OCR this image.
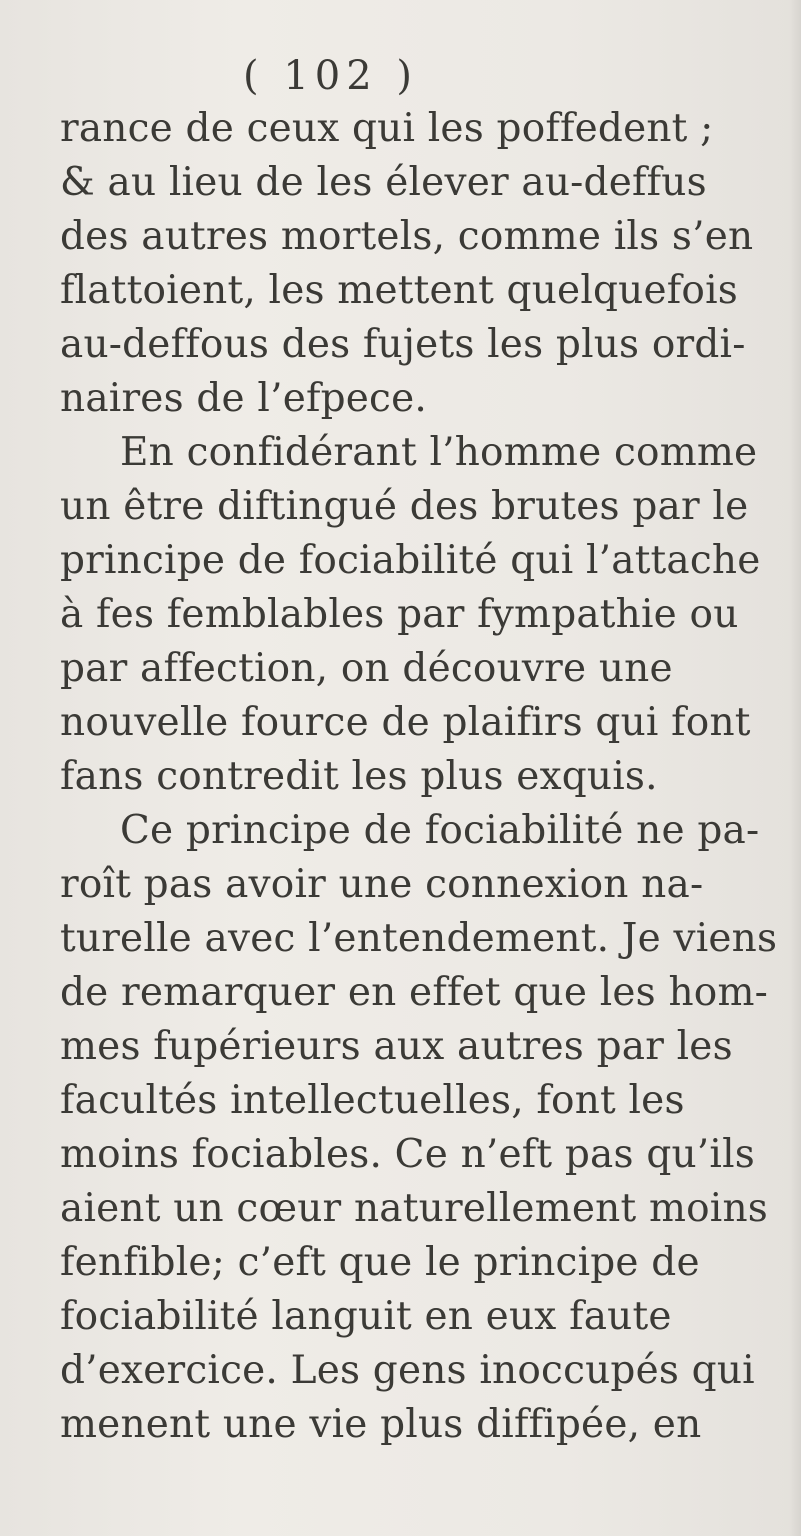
( 102 )
rance de ceux qui les poffedent ;
& au lieu de les élever au-deffus
des autres mortels, comme ils s’en
flattoient, les mettent quelquefois
au-deffous des fujets les plus ordi-
naires de l’efpece.
En confidérant l’homme comme
un être diftingué des brutes par le
principe de fociabilité qui l’attache
à fes femblables par fympathie ou
par affection, on découvre une
nouvelle fource de plaifirs qui font
fans contredit les plus exquis.
Ce principe de fociabilité ne pa-
roît pas avoir une connexion na-
turelle avec l’entendement. Je viens
de remarquer en effet que les hom-
mes fupérieurs aux autres par les
facultés intellectuelles, font les
moins fociables. Ce n’eft pas qu’ils
aient un cœur naturellement moins
fenfible; c’eft que le principe de
fociabilité languit en eux faute
d’exercice. Les gens inoccupés qui
menent une vie plus diffipée, en
